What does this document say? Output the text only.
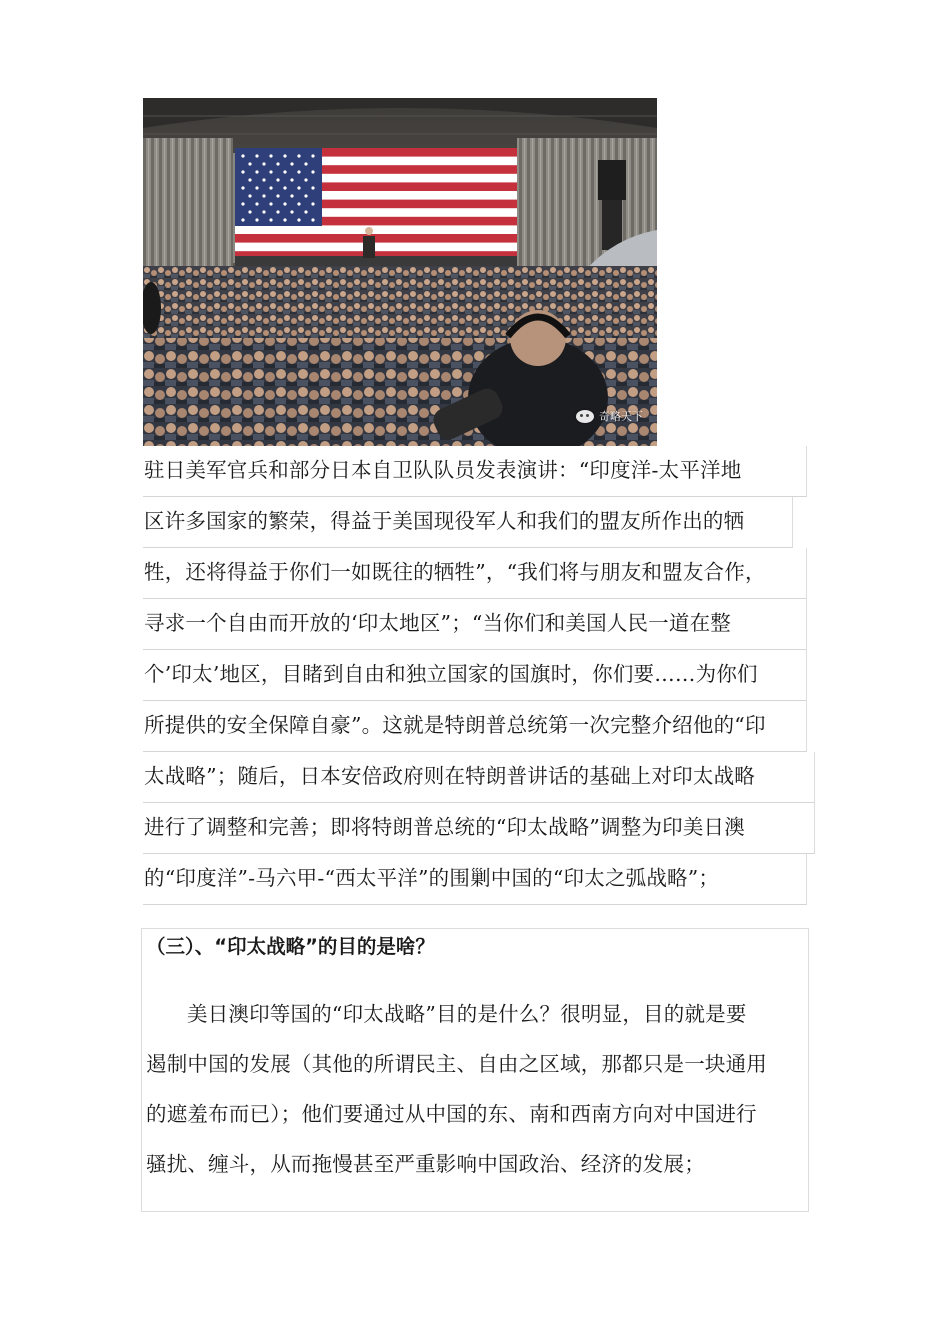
奇略天下
驻日美军官兵和部分日本自卫队队员发表演讲：“印度洋-太平洋地
区许多国家的繁荣，得益于美国现役军人和我们的盟友所作出的牺
牲，还将得益于你们一如既往的牺牲”，“我们将与朋友和盟友合作，
寻求一个自由而开放的‘印太地区”；“当你们和美国人民一道在整
个’印太’地区，目睹到自由和独立国家的国旗时，你们要……为你们
所提供的安全保障自豪”。这就是特朗普总统第一次完整介绍他的“印
太战略”；随后，日本安倍政府则在特朗普讲话的基础上对印太战略
进行了调整和完善；即将特朗普总统的“印太战略”调整为印美日澳
的“印度洋”-马六甲-“西太平洋”的围剿中国的“印太之弧战略”；
（三）、“印太战略”的目的是啥？
美日澳印等国的“印太战略”目的是什么？很明显，目的就是要
遏制中国的发展（其他的所谓民主、自由之区域，那都只是一块通用
的遮羞布而已）；他们要通过从中国的东、南和西南方向对中国进行
骚扰、缠斗，从而拖慢甚至严重影响中国政治、经济的发展；
